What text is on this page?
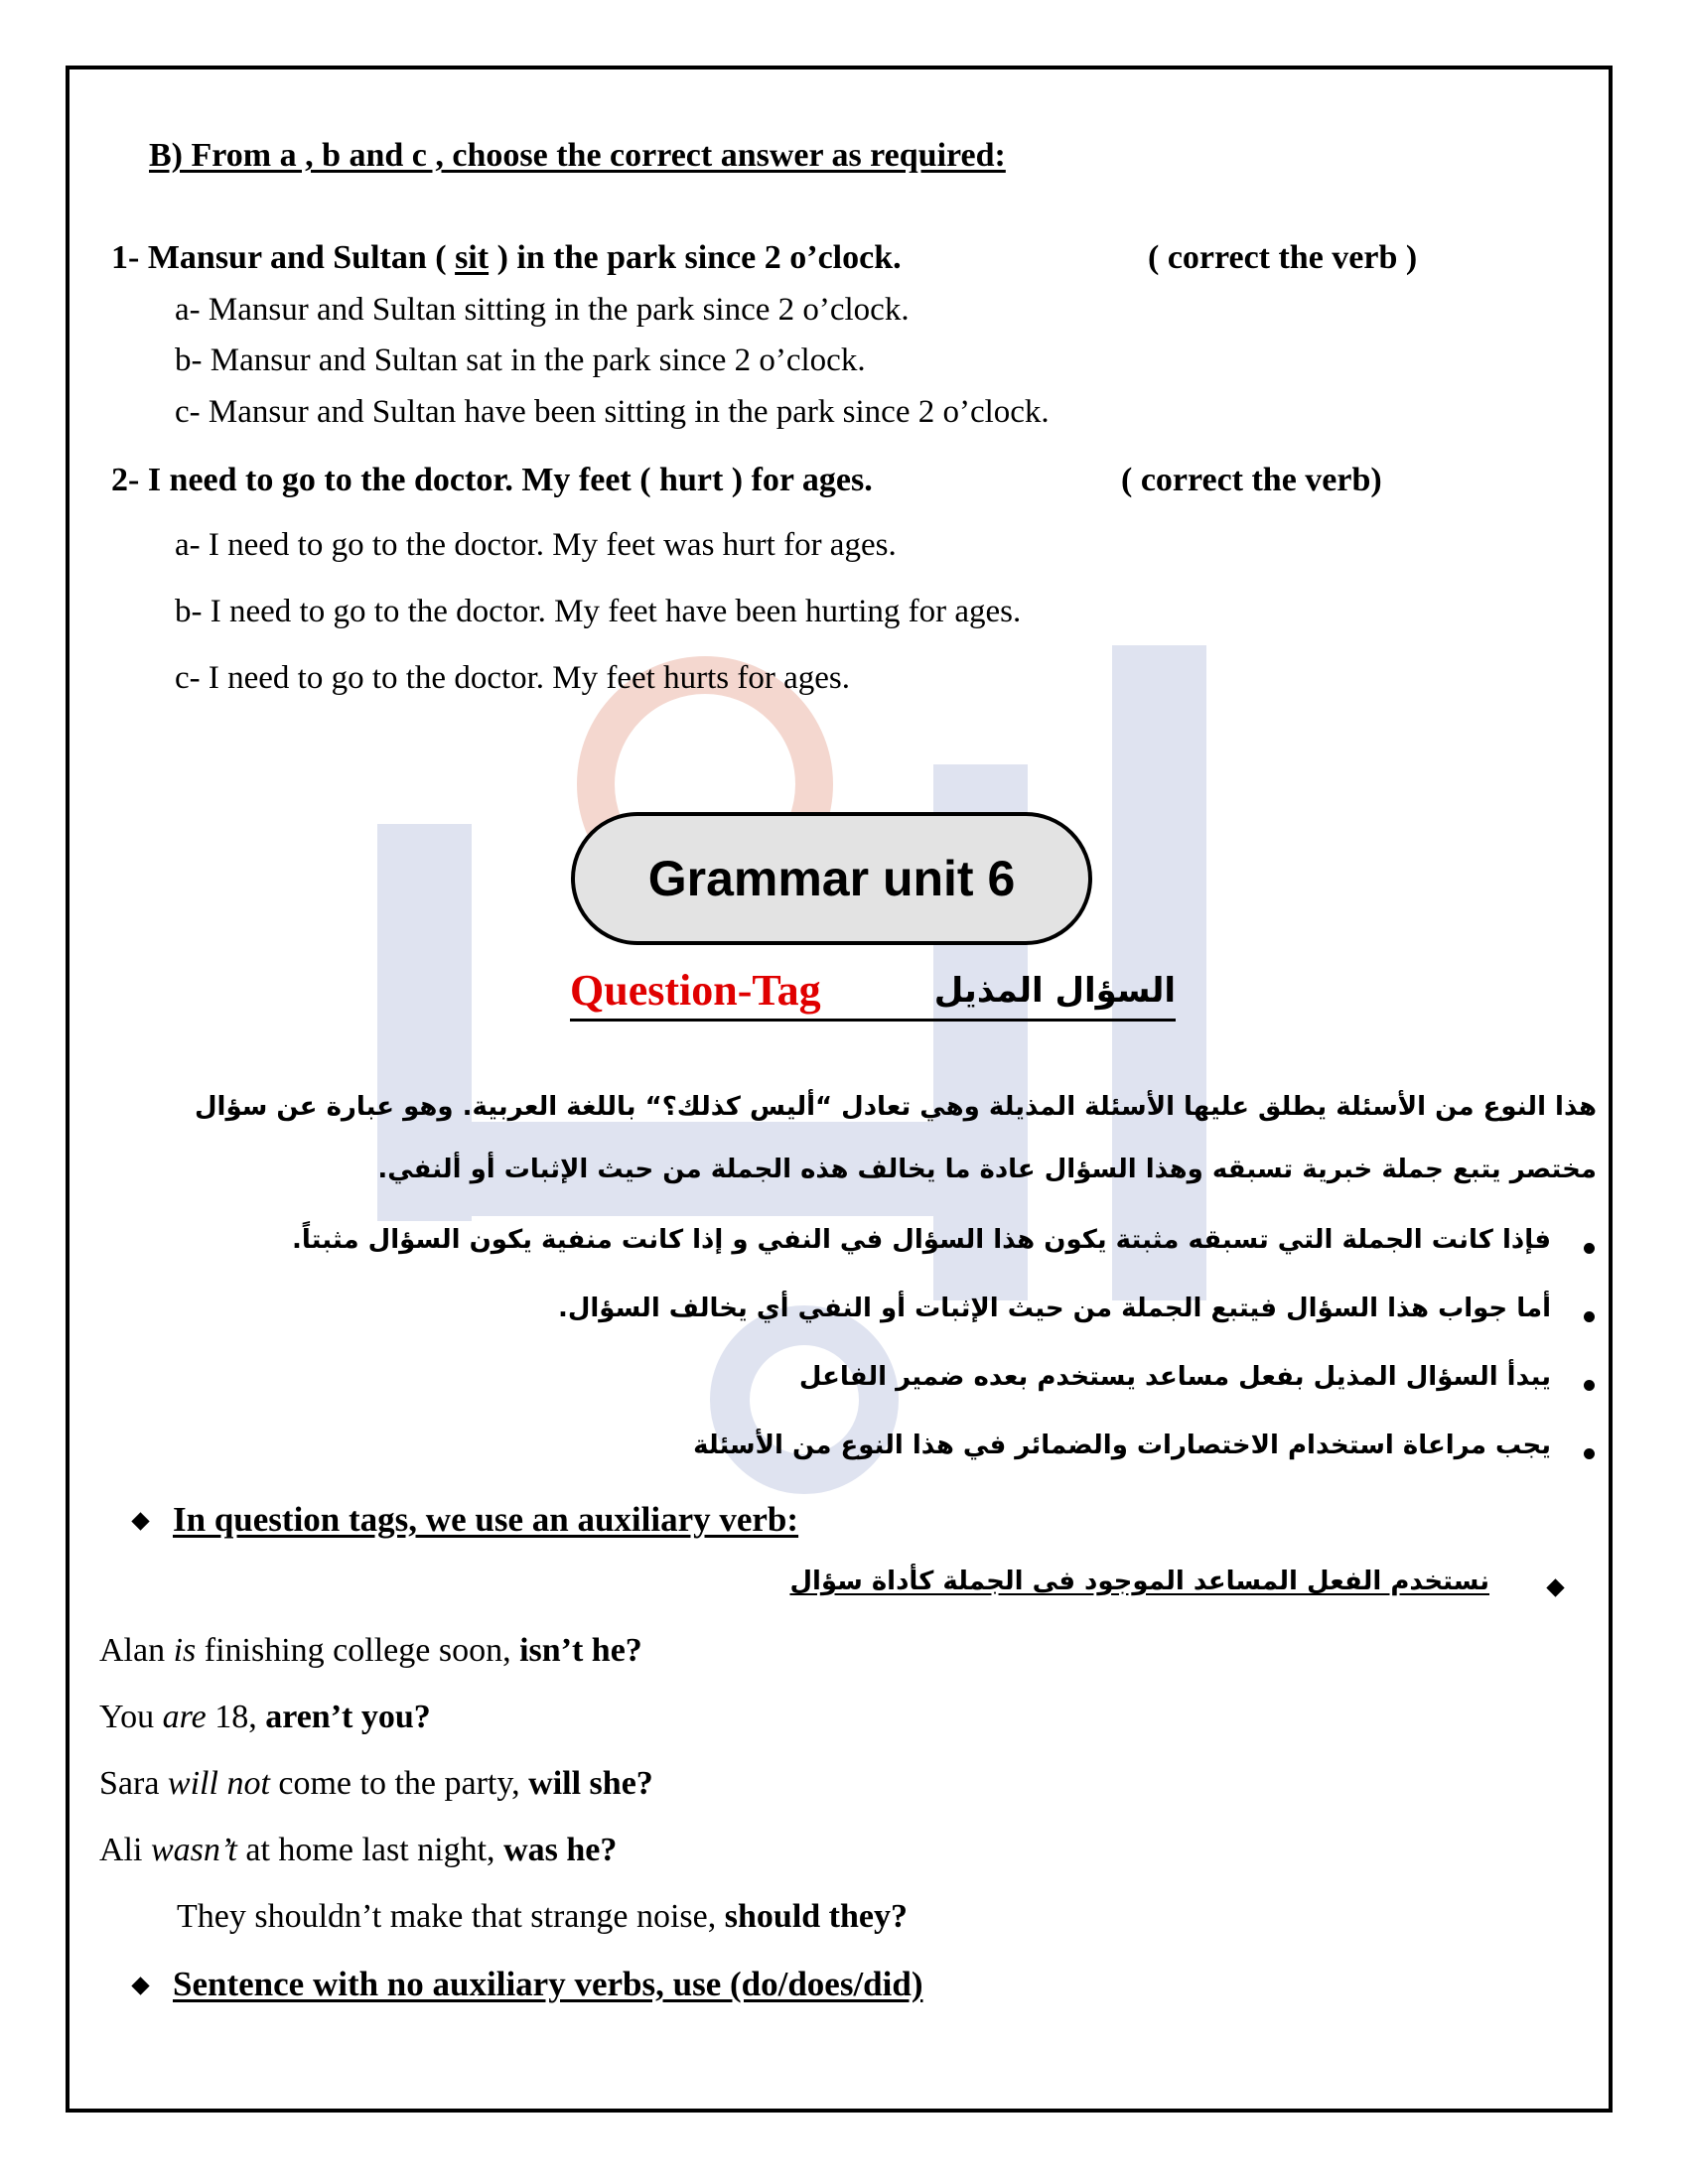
B) From a , b and c , choose the correct answer as required:
1- Mansur and Sultan ( sit ) in the park since 2 o’clock.	( correct the verb )
a- Mansur and Sultan sitting in the park since 2 o’clock.
b- Mansur and Sultan sat in the park since 2 o’clock.
c- Mansur and Sultan have been sitting in the park since 2 o’clock.
2- I need to go to the doctor. My feet ( hurt ) for ages.	( correct the verb)
a- I need to go to the doctor. My feet was hurt for ages.
b- I need to go to the doctor. My feet have been hurting for ages.
c- I need to go to the doctor. My feet hurts for ages.
Grammar unit 6
Question-Tag	السؤال المذيل
هذا النوع من الأسئلة يطلق عليها الأسئلة المذيلة وهي تعادل “أليس كذلك؟“ باللغة العربية. وهو عبارة عن سؤال
مختصر يتبع جملة خبرية تسبقه وهذا السؤال عادة ما يخالف هذه الجملة من حيث الإثبات أو ألنفي.
فإذا كانت الجملة التي تسبقه مثبتة يكون هذا السؤال في النفي و إذا كانت منفية يكون السؤال مثبتاً.
أما جواب هذا السؤال فيتبع الجملة من حيث الإثبات أو النفي أي يخالف السؤال.
يبدأ السؤال المذيل بفعل مساعد يستخدم بعده ضمير الفاعل
يجب مراعاة استخدام الاختصارات والضمائر في هذا النوع من الأسئلة
In question tags, we use an auxiliary verb:
نستخدم الفعل المساعد الموجود فى الجملة كأداة سؤال
Alan is finishing college soon, isn’t he?
You are 18, aren’t you?
Sara will not come to the party, will she?
Ali wasn’t at home last night, was he?
They shouldn’t make that strange noise, should they?
Sentence with no auxiliary verbs, use (do/does/did)
